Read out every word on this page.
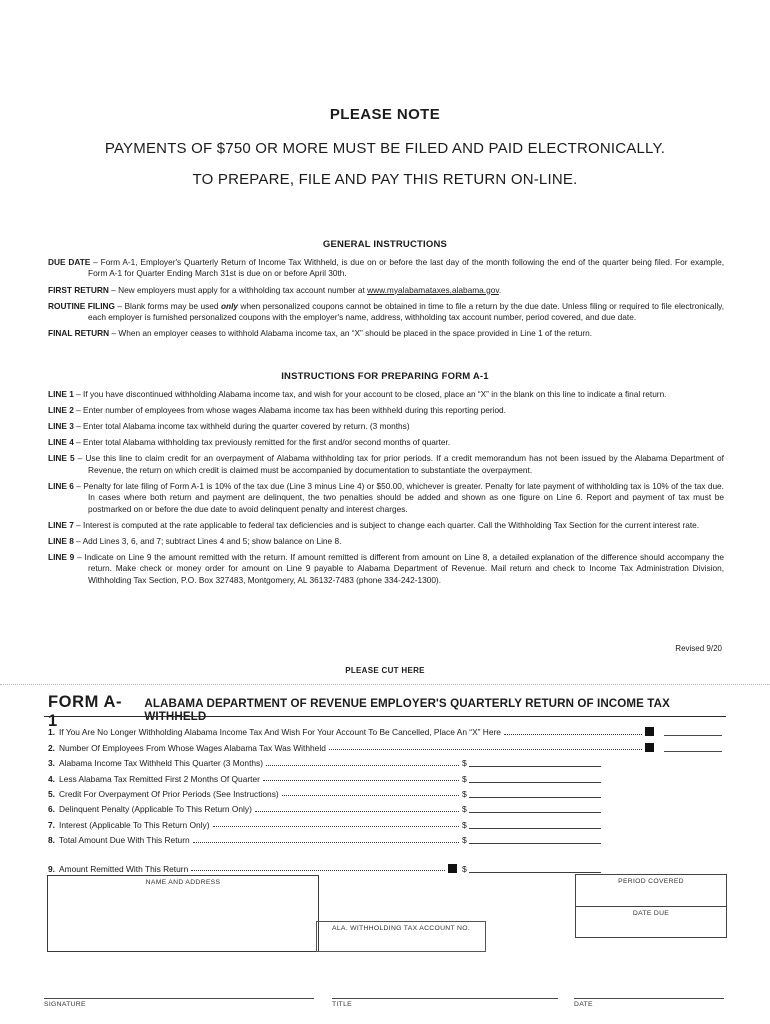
PLEASE NOTE
PAYMENTS OF $750 OR MORE MUST BE FILED AND PAID ELECTRONICALLY.
TO PREPARE, FILE AND PAY THIS RETURN ON-LINE.
GENERAL INSTRUCTIONS

DUE DATE – Form A-1, Employer's Quarterly Return of Income Tax Withheld, is due on or before the last day of the month following the end of the quarter being filed. For example, Form A-1 for Quarter Ending March 31st is due on or before April 30th.

FIRST RETURN – New employers must apply for a withholding tax account number at www.myalabamataxes.alabama.gov.

ROUTINE FILING – Blank forms may be used only when personalized coupons cannot be obtained in time to file a return by the due date. Unless filing or required to file electronically, each employer is furnished personalized coupons with the employer's name, address, withholding tax account number, period covered, and due date.

FINAL RETURN – When an employer ceases to withhold Alabama income tax, an “X” should be placed in the space provided in Line 1 of the return.

INSTRUCTIONS FOR PREPARING FORM A-1

LINE 1 – If you have discontinued withholding Alabama income tax, and wish for your account to be closed, place an “X” in the blank on this line to indicate a final return.

LINE 2 – Enter number of employees from whose wages Alabama income tax has been withheld during this reporting period.

LINE 3 – Enter total Alabama income tax withheld during the quarter covered by return. (3 months)

LINE 4 – Enter total Alabama withholding tax previously remitted for the first and/or second months of quarter.

LINE 5 – Use this line to claim credit for an overpayment of Alabama withholding tax for prior periods. If a credit memorandum has not been issued by the Alabama Department of Revenue, the return on which credit is claimed must be accompanied by documentation to substantiate the overpayment.

LINE 6 – Penalty for late filing of Form A-1 is 10% of the tax due (Line 3 minus Line 4) or $50.00, whichever is greater. Penalty for late payment of withholding tax is 10% of the tax due. In cases where both return and payment are delinquent, the two penalties should be added and shown as one figure on Line 6. Report and payment of tax must be postmarked on or before the due date to avoid delinquent penalty and interest charges.

LINE 7 – Interest is computed at the rate applicable to federal tax deficiencies and is subject to change each quarter. Call the Withholding Tax Section for the current interest rate.

LINE 8 – Add Lines 3, 6, and 7; subtract Lines 4 and 5; show balance on Line 8.

LINE 9 – Indicate on Line 9 the amount remitted with the return. If amount remitted is different from amount on Line 8, a detailed explanation of the difference should accompany the return. Make check or money order for amount on Line 9 payable to Alabama Department of Revenue. Mail return and check to Income Tax Administration Division, Withholding Tax Section, P.O. Box 327483, Montgomery, AL 36132-7483 (phone 334-242-1300).

Revised 9/20
PLEASE CUT HERE
FORM A-1
ALABAMA DEPARTMENT OF REVENUE EMPLOYER'S QUARTERLY RETURN OF INCOME TAX WITHHELD
1. If You Are No Longer Withholding Alabama Income Tax And Wish For Your Account To Be Cancelled, Place An “X” Here
2. Number Of Employees From Whose Wages Alabama Tax Was Withheld
3. Alabama Income Tax Withheld This Quarter (3 Months)	$
4. Less Alabama Tax Remitted First 2 Months Of Quarter	$
5. Credit For Overpayment Of Prior Periods (See Instructions)	$
6. Delinquent Penalty (Applicable To This Return Only)	$
7. Interest (Applicable To This Return Only)	$
8. Total Amount Due With This Return	$
9. Amount Remitted With This Return	$
NAME AND ADDRESS
ALA. WITHHOLDING TAX ACCOUNT NO.
PERIOD COVERED
DATE DUE
SIGNATURE	TITLE	DATE
